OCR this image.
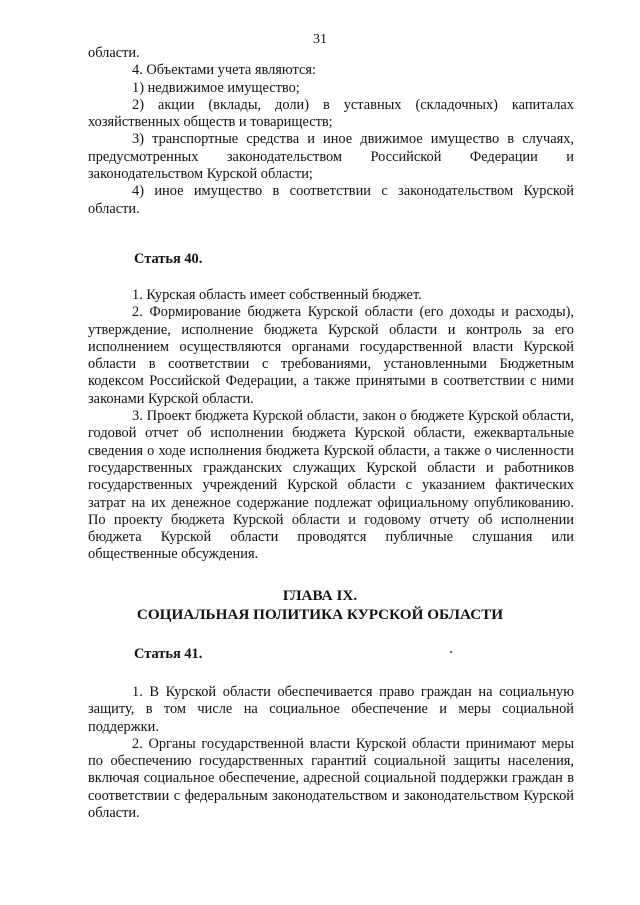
31

области.

4. Объектами учета являются:

1) недвижимое имущество;

2) акции (вклады, доли) в уставных (складочных) капиталах хозяйственных обществ и товариществ;

3) транспортные средства и иное движимое имущество в случаях, предусмотренных законодательством Российской Федерации и законодательством Курской области;

4) иное имущество в соответствии с законодательством Курской области.

Статья 40.

1. Курская область имеет собственный бюджет.

2. Формирование бюджета Курской области (его доходы и расходы), утверждение, исполнение бюджета Курской области и контроль за его исполнением осуществляются органами государственной власти Курской области в соответствии с требованиями, установленными Бюджетным кодексом Российской Федерации, а также принятыми в соответствии с ними законами Курской области.

3. Проект бюджета Курской области, закон о бюджете Курской области, годовой отчет об исполнении бюджета Курской области, ежеквартальные сведения о ходе исполнения бюджета Курской области, а также о численности государственных гражданских служащих Курской области и работников государственных учреждений Курской области с указанием фактических затрат на их денежное содержание подлежат официальному опубликованию. По проекту бюджета Курской области и годовому отчету об исполнении бюджета Курской области проводятся публичные слушания или общественные обсуждения.

ГЛАВА IX.
СОЦИАЛЬНАЯ ПОЛИТИКА КУРСКОЙ ОБЛАСТИ
Статья 41.

1. В Курской области обеспечивается право граждан на социальную защиту, в том числе на социальное обеспечение и меры социальной поддержки.

2. Органы государственной власти Курской области принимают меры по обеспечению государственных гарантий социальной защиты населения, включая социальное обеспечение, адресной социальной поддержки граждан в соответствии с федеральным законодательством и законодательством Курской области.
